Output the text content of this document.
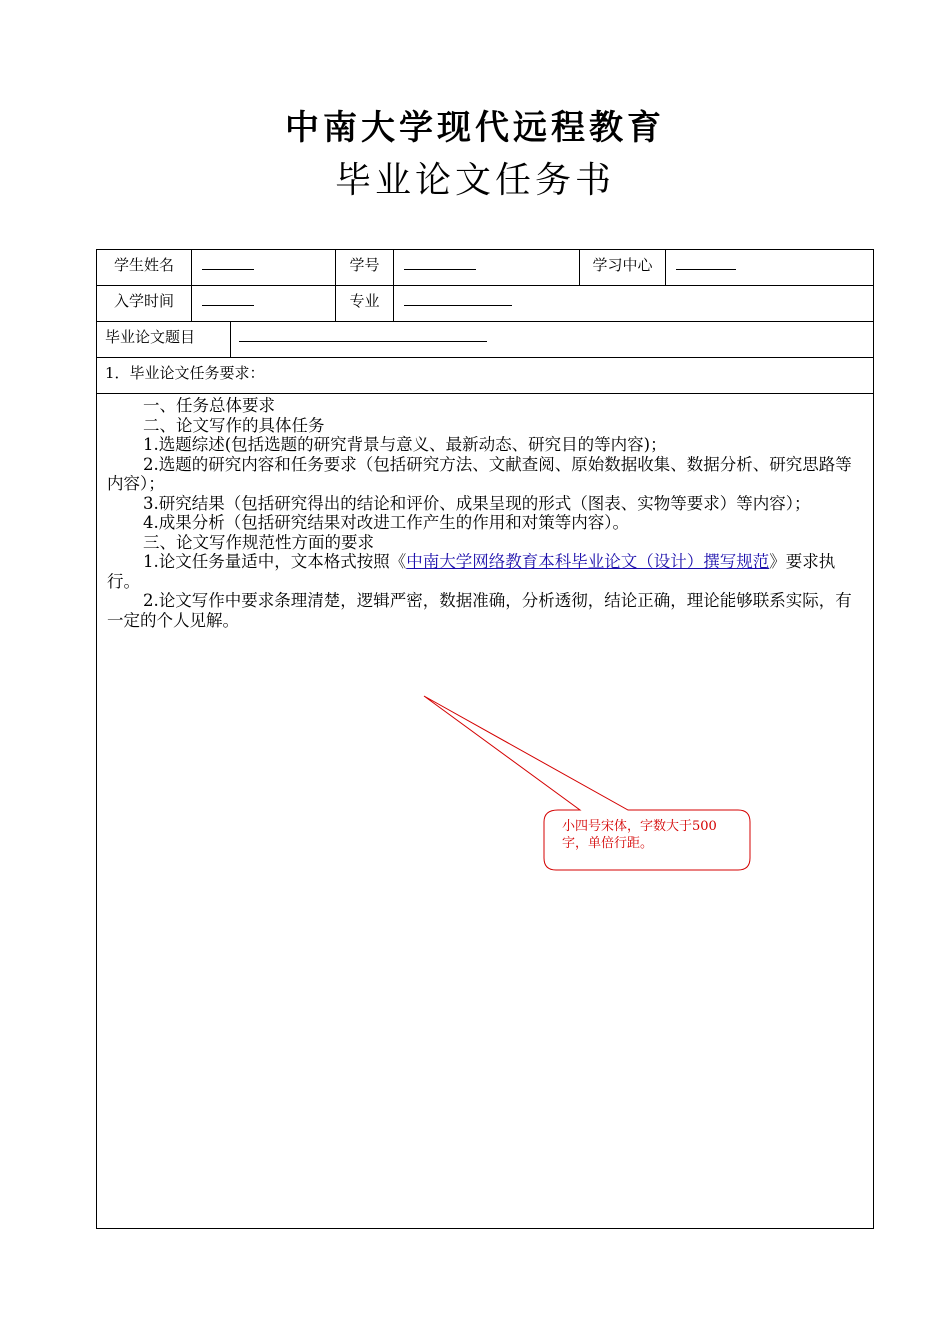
中南大学现代远程教育
毕业论文任务书
学生姓名	学号	学习中心
入学时间	专业
毕业论文题目
1．毕业论文任务要求：

一、任务总体要求

二、论文写作的具体任务

1.选题综述(包括选题的研究背景与意义、最新动态、研究目的等内容)；

2.选题的研究内容和任务要求（包括研究方法、文献查阅、原始数据收集、数据分析、研究思路等内容）；

3.研究结果（包括研究得出的结论和评价、成果呈现的形式（图表、实物等要求）等内容）；

4.成果分析（包括研究结果对改进工作产生的作用和对策等内容）。

三、论文写作规范性方面的要求

1.论文任务量适中，文本格式按照《中南大学网络教育本科毕业论文（设计）撰写规范》要求执行。

2.论文写作中要求条理清楚，逻辑严密，数据准确，分析透彻，结论正确，理论能够联系实际，有一定的个人见解。

小四号宋体，字数大于500字，单倍行距。
